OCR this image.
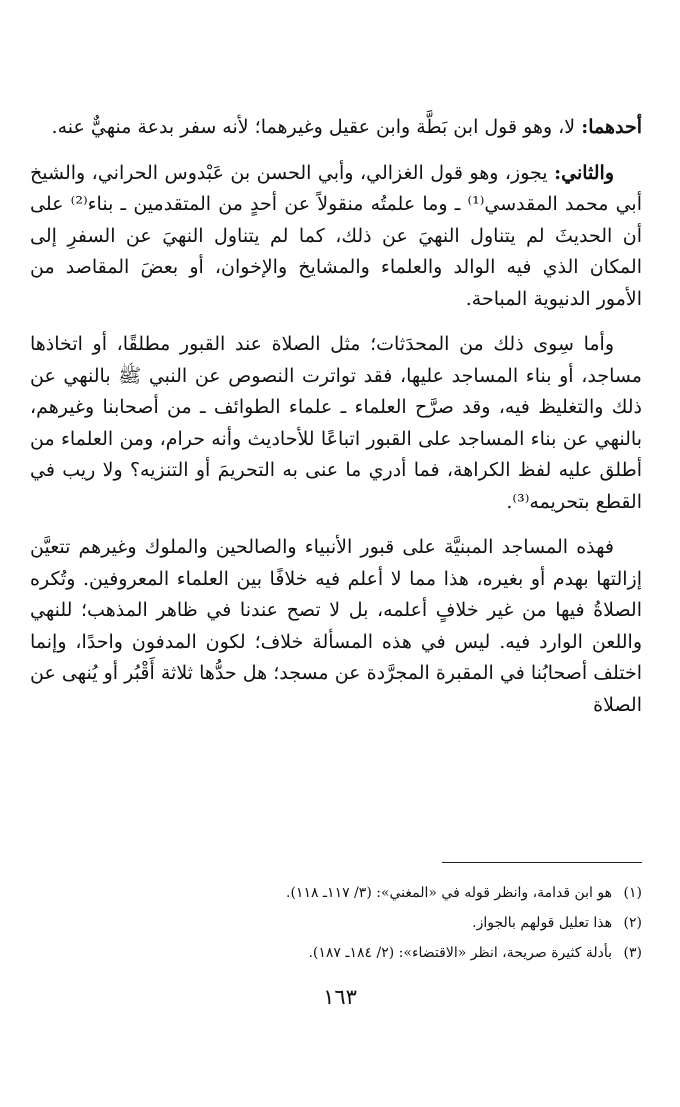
أحدهما: لا، وهو قول ابن بَطَّة وابن عقيل وغيرهما؛ لأنه سفر بدعة منهيٌّ عنه.

والثاني: يجوز، وهو قول الغزالي، وأبي الحسن بن عَبْدوس الحراني، والشيخ أبي محمد المقدسي⁽¹⁾ ـ وما علمتُه منقولاً عن أحدٍ من المتقدمين ـ بناء⁽²⁾ على أن الحديثَ لم يتناول النهيَ عن ذلك، كما لم يتناول النهيَ عن السفرِ إلى المكان الذي فيه الوالد والعلماء والمشايخ والإخوان، أو بعضَ المقاصد من الأمور الدنيوية المباحة.

وأما سِوى ذلك من المحدَثات؛ مثل الصلاة عند القبور مطلقًا، أو اتخاذها مساجد، أو بناء المساجد عليها، فقد تواترت النصوص عن النبي ﷺ بالنهي عن ذلك والتغليظ فيه، وقد صرَّح العلماء ـ علماء الطوائف ـ من أصحابنا وغيرهم، بالنهي عن بناء المساجد على القبور اتباعًا للأحاديث وأنه حرام، ومن العلماء من أطلق عليه لفظ الكراهة، فما أدري ما عنى به التحريمَ أو التنزيه؟ ولا ريب في القطع بتحريمه⁽³⁾.

فهذه المساجد المبنيَّة على قبور الأنبياء والصالحين والملوك وغيرهم تتعيَّن إزالتها بهدم أو بغيره، هذا مما لا أعلم فيه خلافًا بين العلماء المعروفين. وتُكره الصلاةُ فيها من غير خلافٍ أعلمه، بل لا تصح عندنا في ظاهر المذهب؛ للنهي واللعن الوارد فيه. ليس في هذه المسألة خلاف؛ لكون المدفون واحدًا، وإنما اختلف أصحابُنا في المقبرة المجرَّدة عن مسجد؛ هل حدُّها ثلاثة أَقْبُر أو يُنهى عن الصلاة

(١)هو ابن قدامة، وانظر قوله في «المغني»: (٣/ ١١٧ـ ١١٨).
(٢)هذا تعليل قولهم بالجواز.
(٣)بأدلة كثيرة صريحة، انظر «الاقتضاء»: (٢/ ١٨٤ـ ١٨٧).
١٦٣
